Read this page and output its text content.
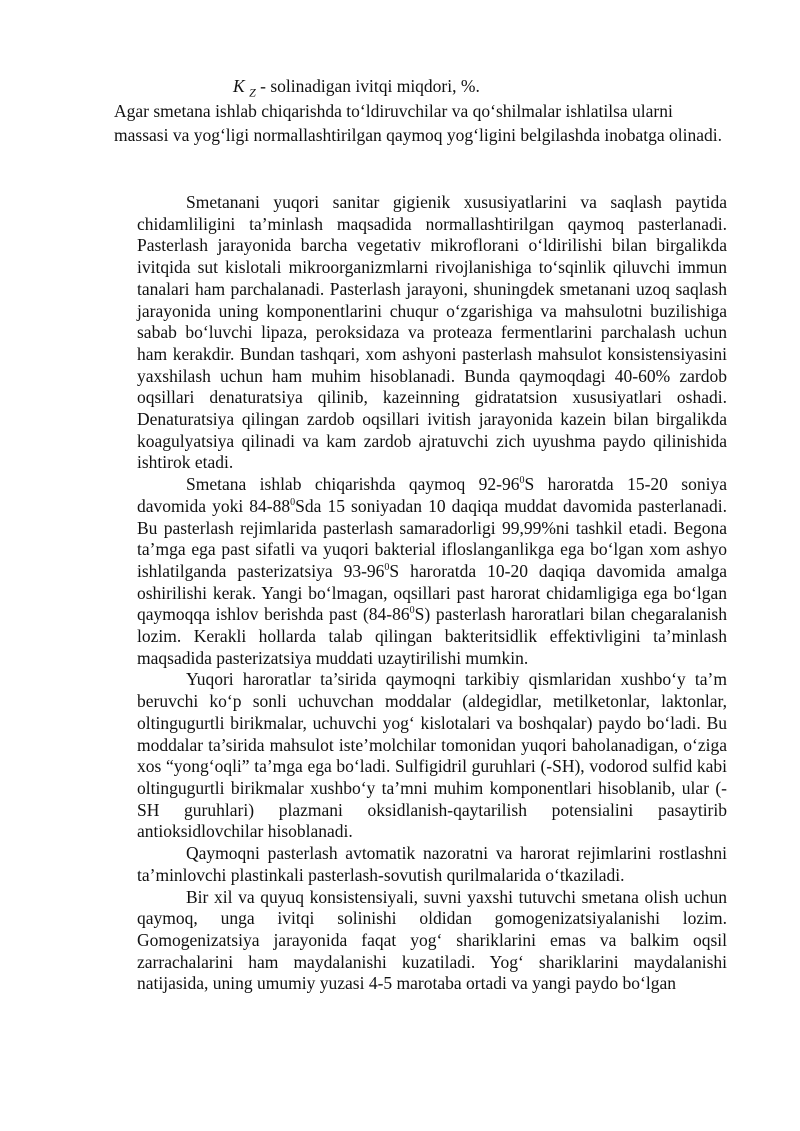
K $_Z$ - solinadigan ivitqi miqdori, %.
Agar smetana ishlab chiqarishda to‘ldiruvchilar va qo‘shilmalar ishlatilsa ularni massasi va yog‘ligi normallashtirilgan qaymoq yog‘ligini belgilashda inobatga olinadi.

Smetanani yuqori sanitar gigienik xususiyatlarini va saqlash paytida chidamliligini ta’minlash maqsadida normallashtirilgan qaymoq pasterlanadi. Pasterlash jarayonida barcha vegetativ mikroflorani o‘ldirilishi bilan birgalikda ivitqida sut kislotali mikroorganizmlarni rivojlanishiga to‘sqinlik qiluvchi immun tanalari ham parchalanadi. Pasterlash jarayoni, shuningdek smetanani uzoq saqlash jarayonida uning komponentlarini chuqur o‘zgarishiga va mahsulotni buzilishiga sabab bo‘luvchi lipaza, peroksidaza va proteaza fermentlarini parchalash uchun ham kerakdir. Bundan tashqari, xom ashyoni pasterlash mahsulot konsistensiyasini yaxshilash uchun ham muhim hisoblanadi. Bunda qaymoqdagi 40-60% zardob oqsillari denaturatsiya qilinib, kazeinning gidratatsion xususiyatlari oshadi. Denaturatsiya qilingan zardob oqsillari ivitish jarayonida kazein bilan birgalikda koagulyatsiya qilinadi va kam zardob ajratuvchi zich uyushma paydo qilinishida ishtirok etadi.

Smetana ishlab chiqarishda qaymoq $92-96^0S$ haroratda 15-20 soniya davomida yoki $84-88^0Sda$ 15 soniyadan 10 daqiqa muddat davomida pasterlanadi. Bu pasterlash rejimlarida pasterlash samaradorligi 99,99%ni tashkil etadi. Begona ta’mga ega past sifatli va yuqori bakterial ifloslanganlikga ega bo‘lgan xom ashyo ishlatilganda pasterizatsiya $93-96^0S$ haroratda 10-20 daqiqa davomida amalga oshirilishi kerak. Yangi bo‘lmagan, oqsillari past harorat chidamligiga ega bo‘lgan qaymoqqa ishlov berishda past $(84-86^0S)$ pasterlash haroratlari bilan chegaralanish lozim. Kerakli hollarda talab qilingan bakteritsidlik effektivligini ta’minlash maqsadida pasterizatsiya muddati uzaytirilishi mumkin.

Yuqori haroratlar ta’sirida qaymoqni tarkibiy qismlaridan xushbo‘y ta’m beruvchi ko‘p sonli uchuvchan moddalar (aldegidlar, metilketonlar, laktonlar, oltingugurtli birikmalar, uchuvchi yog‘ kislotalari va boshqalar) paydo bo‘ladi. Bu moddalar ta’sirida mahsulot iste’molchilar tomonidan yuqori baholanadigan, o‘ziga xos “yong‘oqli” ta’mga ega bo‘ladi. Sulfigidril guruhlari (-SH), vodorod sulfid kabi oltingugurtli birikmalar xushbo‘y ta’mni muhim komponentlari hisoblanib, ular (-SH guruhlari) plazmani oksidlanish-qaytarilish potensialini pasaytirib antioksidlovchilar hisoblanadi.

Qaymoqni pasterlash avtomatik nazoratni va harorat rejimlarini rostlashni ta’minlovchi plastinkali pasterlash-sovutish qurilmalarida o‘tkaziladi.

Bir xil va quyuq konsistensiyali, suvni yaxshi tutuvchi smetana olish uchun qaymoq, unga ivitqi solinishi oldidan gomogenizatsiyalanishi lozim. Gomogenizatsiya jarayonida faqat yog‘ shariklarini emas va balkim oqsil zarrachalarini ham maydalanishi kuzatiladi. Yog‘ shariklarini maydalanishi natijasida, uning umumiy yuzasi 4-5 marotaba ortadi va yangi paydo bo‘lgan
